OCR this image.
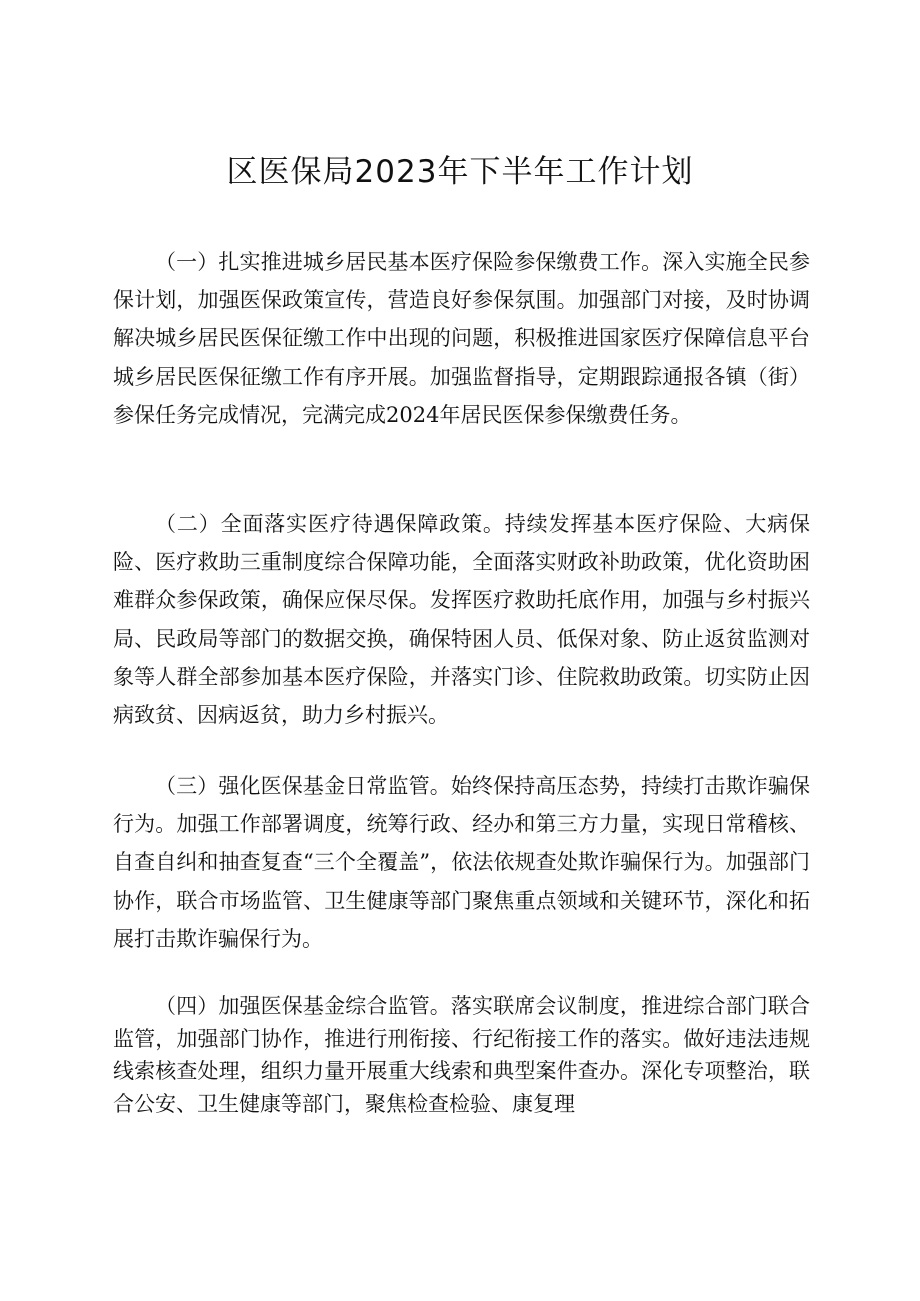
区医保局2023年下半年工作计划

（一）扎实推进城乡居民基本医疗保险参保缴费工作。深入实施全民参保计划，加强医保政策宣传，营造良好参保氛围。加强部门对接，及时协调解决城乡居民医保征缴工作中出现的问题，积极推进国家医疗保障信息平台城乡居民医保征缴工作有序开展。加强监督指导，定期跟踪通报各镇（街）参保任务完成情况，完满完成2024年居民医保参保缴费任务。

（二）全面落实医疗待遇保障政策。持续发挥基本医疗保险、大病保险、医疗救助三重制度综合保障功能，全面落实财政补助政策，优化资助困难群众参保政策，确保应保尽保。发挥医疗救助托底作用，加强与乡村振兴局、民政局等部门的数据交换，确保特困人员、低保对象、防止返贫监测对象等人群全部参加基本医疗保险，并落实门诊、住院救助政策。切实防止因病致贫、因病返贫，助力乡村振兴。

（三）强化医保基金日常监管。始终保持高压态势，持续打击欺诈骗保行为。加强工作部署调度，统筹行政、经办和第三方力量，实现日常稽核、自查自纠和抽查复查“三个全覆盖”，依法依规查处欺诈骗保行为。加强部门协作，联合市场监管、卫生健康等部门聚焦重点领域和关键环节，深化和拓展打击欺诈骗保行为。

（四）加强医保基金综合监管。落实联席会议制度，推进综合部门联合监管，加强部门协作，推进行刑衔接、行纪衔接工作的落实。做好违法违规线索核查处理，组织力量开展重大线索和典型案件查办。深化专项整治，联合公安、卫生健康等部门，聚焦检查检验、康复理
